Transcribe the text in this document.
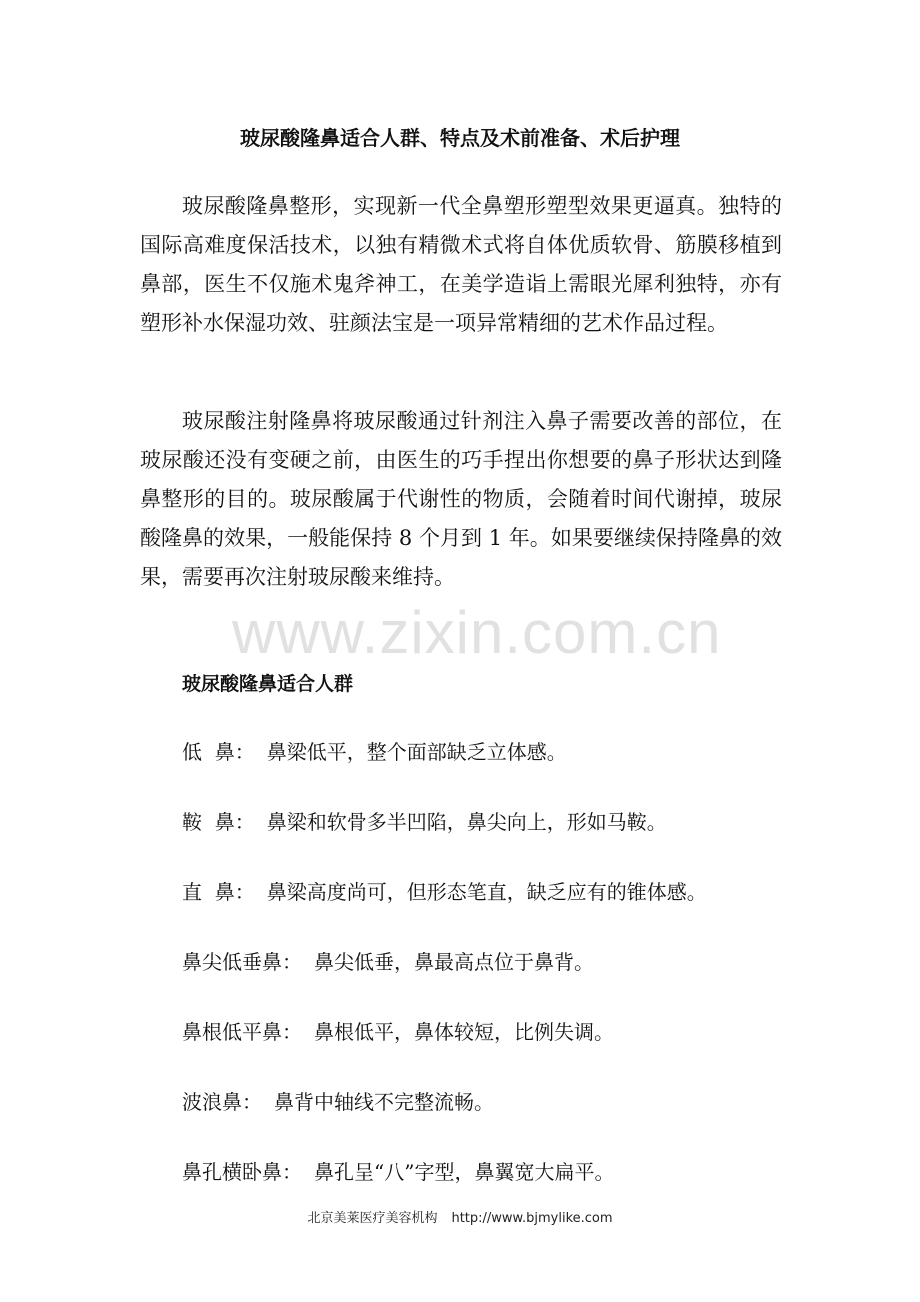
玻尿酸隆鼻适合人群、特点及术前准备、术后护理

玻尿酸隆鼻整形，实现新一代全鼻塑形塑型效果更逼真。独特的国际高难度保活技术，以独有精微术式将自体优质软骨、筋膜移植到鼻部，医生不仅施术鬼斧神工，在美学造诣上需眼光犀利独特，亦有塑形补水保湿功效、驻颜法宝是一项异常精细的艺术作品过程。

玻尿酸注射隆鼻将玻尿酸通过针剂注入鼻子需要改善的部位，在玻尿酸还没有变硬之前，由医生的巧手捏出你想要的鼻子形状达到隆鼻整形的目的。玻尿酸属于代谢性的物质，会随着时间代谢掉，玻尿酸隆鼻的效果，一般能保持 8 个月到 1 年。如果要继续保持隆鼻的效果，需要再次注射玻尿酸来维持。

玻尿酸隆鼻适合人群
低  鼻： 鼻梁低平，整个面部缺乏立体感。
鞍  鼻： 鼻梁和软骨多半凹陷，鼻尖向上，形如马鞍。
直  鼻： 鼻梁高度尚可，但形态笔直，缺乏应有的锥体感。
鼻尖低垂鼻： 鼻尖低垂，鼻最高点位于鼻背。
鼻根低平鼻： 鼻根低平，鼻体较短，比例失调。
波浪鼻： 鼻背中轴线不完整流畅。
鼻孔横卧鼻： 鼻孔呈“八”字型，鼻翼宽大扁平。
www.zixin.com.cn
北京美莱医疗美容机构 http://www.bjmylike.com
